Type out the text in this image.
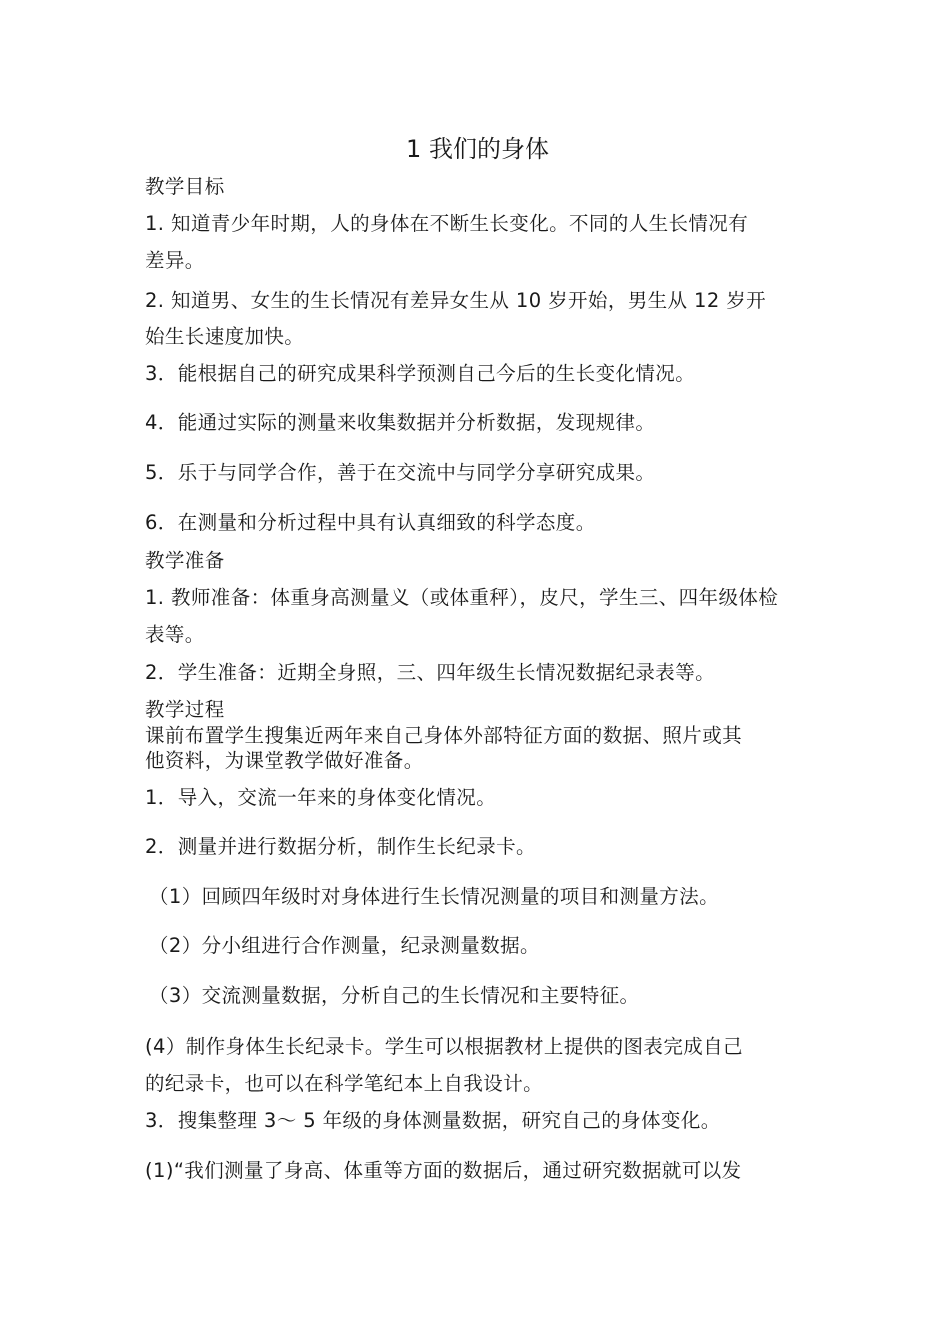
1 我们的身体

教学目标

1. 知道青少年时期，人的身体在不断生长变化。不同的人生长情况有

差异。

2. 知道男、女生的生长情况有差异女生从 10 岁开始，男生从 12 岁开

始生长速度加快。

3．能根据自己的研究成果科学预测自己今后的生长变化情况。

4．能通过实际的测量来收集数据并分析数据，发现规律。

5．乐于与同学合作，善于在交流中与同学分享研究成果。

6．在测量和分析过程中具有认真细致的科学态度。

教学准备

1. 教师准备：体重身高测量义（或体重秤），皮尺，学生三、四年级体检

表等。

2．学生准备：近期全身照，三、四年级生长情况数据纪录表等。

教学过程

课前布置学生搜集近两年来自己身体外部特征方面的数据、照片或其

他资料，为课堂教学做好准备。

1．导入，交流一年来的身体变化情况。

2．测量并进行数据分析，制作生长纪录卡。

（1）回顾四年级时对身体进行生长情况测量的项目和测量方法。

（2）分小组进行合作测量，纪录测量数据。

（3）交流测量数据，分析自己的生长情况和主要特征。

(4）制作身体生长纪录卡。学生可以根据教材上提供的图表完成自己

的纪录卡，也可以在科学笔纪本上自我设计。

3．搜集整理 3～ 5 年级的身体测量数据，研究自己的身体变化。

(1)“我们测量了身高、体重等方面的数据后，通过研究数据就可以发
